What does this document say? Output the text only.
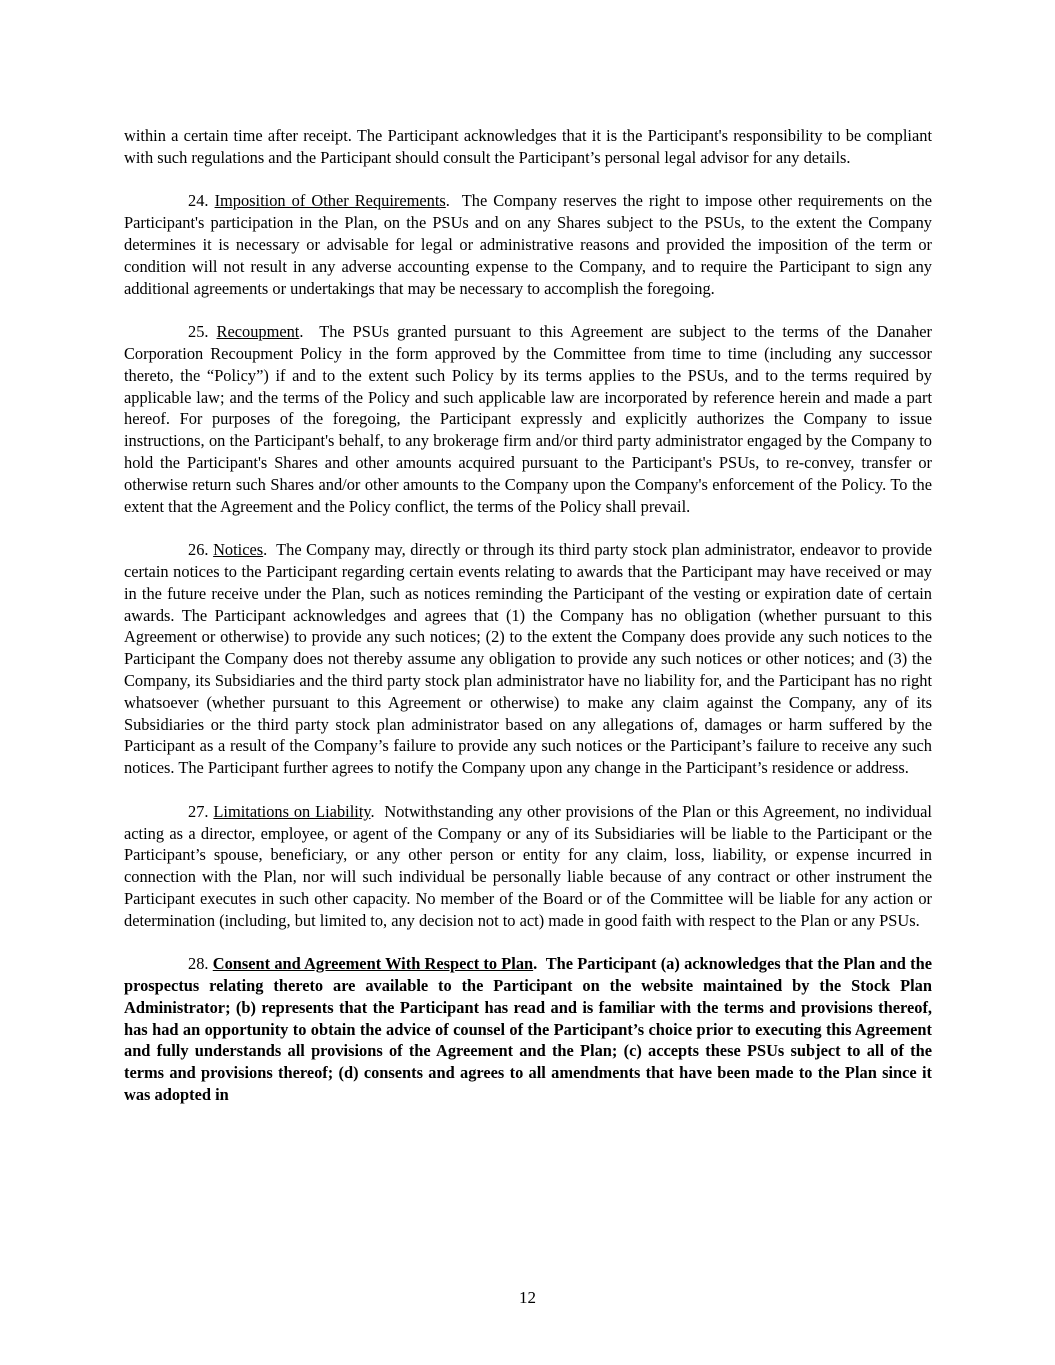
within a certain time after receipt. The Participant acknowledges that it is the Participant's responsibility to be compliant with such regulations and the Participant should consult the Participant’s personal legal advisor for any details.

24. Imposition of Other Requirements.  The Company reserves the right to impose other requirements on the Participant's participation in the Plan, on the PSUs and on any Shares subject to the PSUs, to the extent the Company determines it is necessary or advisable for legal or administrative reasons and provided the imposition of the term or condition will not result in any adverse accounting expense to the Company, and to require the Participant to sign any additional agreements or undertakings that may be necessary to accomplish the foregoing.

25. Recoupment.  The PSUs granted pursuant to this Agreement are subject to the terms of the Danaher Corporation Recoupment Policy in the form approved by the Committee from time to time (including any successor thereto, the “Policy”) if and to the extent such Policy by its terms applies to the PSUs, and to the terms required by applicable law; and the terms of the Policy and such applicable law are incorporated by reference herein and made a part hereof. For purposes of the foregoing, the Participant expressly and explicitly authorizes the Company to issue instructions, on the Participant's behalf, to any brokerage firm and/or third party administrator engaged by the Company to hold the Participant's Shares and other amounts acquired pursuant to the Participant's PSUs, to re-convey, transfer or otherwise return such Shares and/or other amounts to the Company upon the Company's enforcement of the Policy. To the extent that the Agreement and the Policy conflict, the terms of the Policy shall prevail.

26. Notices.  The Company may, directly or through its third party stock plan administrator, endeavor to provide certain notices to the Participant regarding certain events relating to awards that the Participant may have received or may in the future receive under the Plan, such as notices reminding the Participant of the vesting or expiration date of certain awards. The Participant acknowledges and agrees that (1) the Company has no obligation (whether pursuant to this Agreement or otherwise) to provide any such notices; (2) to the extent the Company does provide any such notices to the Participant the Company does not thereby assume any obligation to provide any such notices or other notices; and (3) the Company, its Subsidiaries and the third party stock plan administrator have no liability for, and the Participant has no right whatsoever (whether pursuant to this Agreement or otherwise) to make any claim against the Company, any of its Subsidiaries or the third party stock plan administrator based on any allegations of, damages or harm suffered by the Participant as a result of the Company’s failure to provide any such notices or the Participant’s failure to receive any such notices. The Participant further agrees to notify the Company upon any change in the Participant’s residence or address.

27. Limitations on Liability.  Notwithstanding any other provisions of the Plan or this Agreement, no individual acting as a director, employee, or agent of the Company or any of its Subsidiaries will be liable to the Participant or the Participant’s spouse, beneficiary, or any other person or entity for any claim, loss, liability, or expense incurred in connection with the Plan, nor will such individual be personally liable because of any contract or other instrument the Participant executes in such other capacity. No member of the Board or of the Committee will be liable for any action or determination (including, but limited to, any decision not to act) made in good faith with respect to the Plan or any PSUs.

28. Consent and Agreement With Respect to Plan. The Participant (a) acknowledges that the Plan and the prospectus relating thereto are available to the Participant on the website maintained by the Stock Plan Administrator; (b) represents that the Participant has read and is familiar with the terms and provisions thereof, has had an opportunity to obtain the advice of counsel of the Participant’s choice prior to executing this Agreement and fully understands all provisions of the Agreement and the Plan; (c) accepts these PSUs subject to all of the terms and provisions thereof; (d) consents and agrees to all amendments that have been made to the Plan since it was adopted in

12
